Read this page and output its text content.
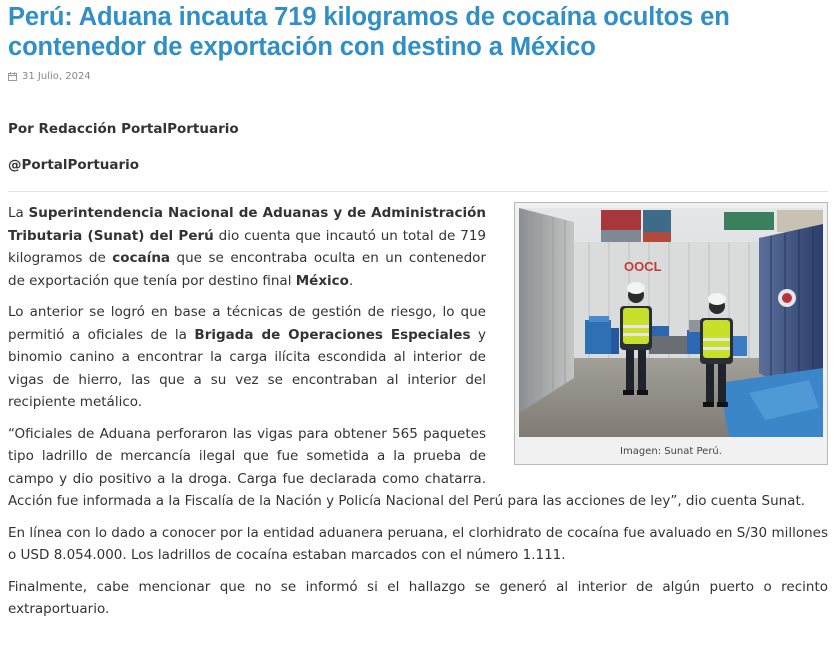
Perú: Aduana incauta 719 kilogramos de cocaína ocultos en contenedor de exportación con destino a México
31 Julio, 2024

Por Redacción PortalPortuario

@PortalPortuario

OOCL
Imagen: Sunat Perú.

La Superintendencia Nacional de Aduanas y de Administración Tributaria (Sunat) del Perú dio cuenta que incautó un total de 719 kilogramos de cocaína que se encontraba oculta en un contenedor de exportación que tenía por destino final México.

Lo anterior se logró en base a técnicas de gestión de riesgo, lo que permitió a oficiales de la Brigada de Operaciones Especiales y binomio canino a encontrar la carga ilícita escondida al interior de vigas de hierro, las que a su vez se encontraban al interior del recipiente metálico.

“Oficiales de Aduana perforaron las vigas para obtener 565 paquetes tipo ladrillo de mercancía ilegal que fue sometida a la prueba de campo y dio positivo a la droga. Carga fue declarada como chatarra. Acción fue informada a la Fiscalía de la Nación y Policía Nacional del Perú para las acciones de ley”, dio cuenta Sunat.

En línea con lo dado a conocer por la entidad aduanera peruana, el clorhidrato de cocaína fue avaluado en S/30 millones o USD 8.054.000. Los ladrillos de cocaína estaban marcados con el número 1.111.

Finalmente, cabe mencionar que no se informó si el hallazgo se generó al interior de algún puerto o recinto extraportuario.
